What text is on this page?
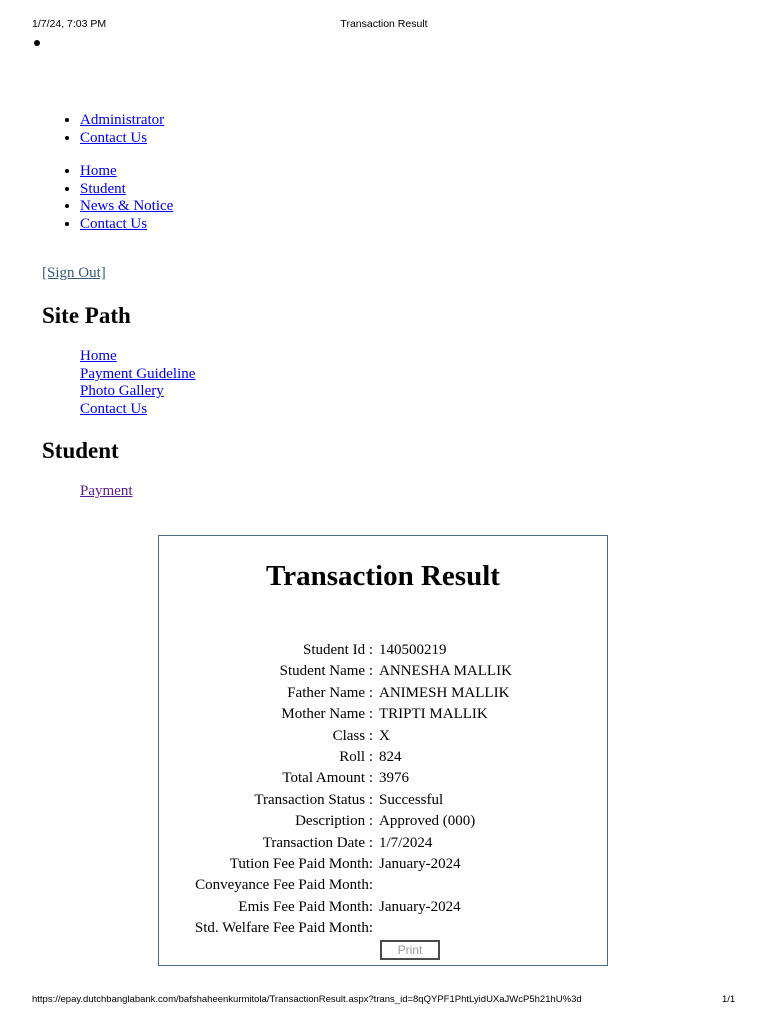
1/7/24, 7:03 PM	Transaction Result
• Administrator
• Contact Us
• Home
• Student
• News & Notice
• Contact Us
[Sign Out]
Site Path
Home
Payment Guideline
Photo Gallery
Contact Us
Student
Payment
Transaction Result
Student Id : 140500219
Student Name : ANNESHA MALLIK
Father Name : ANIMESH MALLIK
Mother Name : TRIPTI MALLIK
Class : X
Roll : 824
Total Amount : 3976
Transaction Status : Successful
Description : Approved (000)
Transaction Date : 1/7/2024
Tution Fee Paid Month: January-2024
Conveyance Fee Paid Month:
Emis Fee Paid Month: January-2024
Std. Welfare Fee Paid Month:
Print
https://epay.dutchbanglabank.com/bafshaheenkurmitola/TransactionResult.aspx?trans_id=8qQYPF1PhtLyidUXaJWcP5h21hU%3d	1/1
